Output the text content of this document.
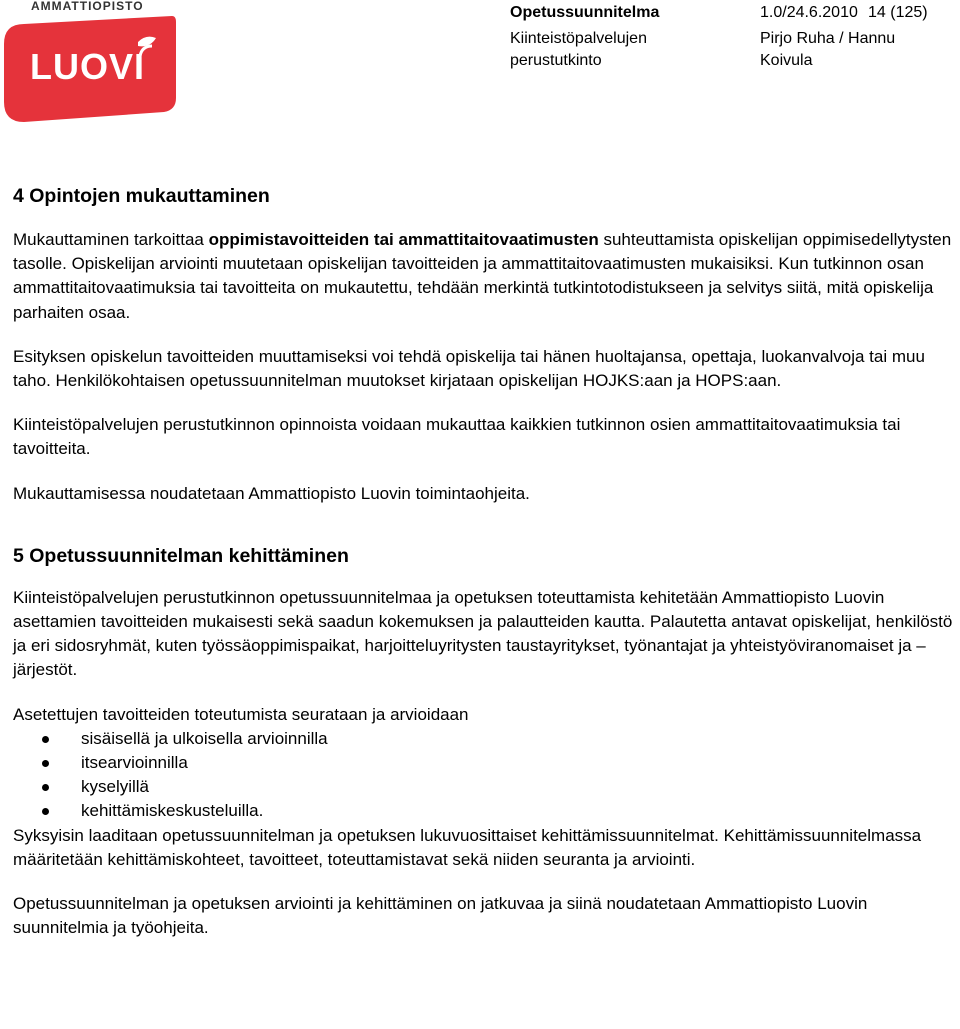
AMMATTIOPISTO
LUOVI
Opetussuunnitelma	1.0/24.6.2010 14 (125)
Kiinteistöpalvelujen
perustutkinto
Pirjo Ruha / Hannu
Koivula
4 Opintojen mukauttaminen

Mukauttaminen tarkoittaa oppimistavoitteiden tai ammattitaitovaatimusten suhteuttamista opiskelijan oppimisedellytysten tasolle. Opiskelijan arviointi muutetaan opiskelijan tavoitteiden ja ammattitaitovaatimusten mukaisiksi. Kun tutkinnon osan ammattitaitovaatimuksia tai tavoitteita on mukautettu, tehdään merkintä tutkintotodistukseen ja selvitys siitä, mitä opiskelija parhaiten osaa.

Esityksen opiskelun tavoitteiden muuttamiseksi voi tehdä opiskelija tai hänen huoltajansa, opettaja, luokanvalvoja tai muu taho. Henkilökohtaisen opetussuunnitelman muutokset kirjataan opiskelijan HOJKS:aan ja HOPS:aan.

Kiinteistöpalvelujen perustutkinnon opinnoista voidaan mukauttaa kaikkien tutkinnon osien ammattitaitovaatimuksia tai tavoitteita.

Mukauttamisessa noudatetaan Ammattiopisto Luovin toimintaohjeita.

5 Opetussuunnitelman kehittäminen

Kiinteistöpalvelujen perustutkinnon opetussuunnitelmaa ja opetuksen toteuttamista kehitetään Ammattiopisto Luovin asettamien tavoitteiden mukaisesti sekä saadun kokemuksen ja palautteiden kautta. Palautetta antavat opiskelijat, henkilöstö ja eri sidosryhmät, kuten työssäoppimispaikat, harjoitteluyritysten taustayritykset, työnantajat ja yhteistyöviranomaiset ja –järjestöt.

Asetettujen tavoitteiden toteutumista seurataan ja arvioidaan

sisäisellä ja ulkoisella arvioinnilla
itsearvioinnilla
kyselyillä
kehittämiskeskusteluilla.

Syksyisin laaditaan opetussuunnitelman ja opetuksen lukuvuosittaiset kehittämissuunnitelmat. Kehittämissuunnitelmassa määritetään kehittämiskohteet, tavoitteet, toteuttamistavat sekä niiden seuranta ja arviointi.

Opetussuunnitelman ja opetuksen arviointi ja kehittäminen on jatkuvaa ja siinä noudatetaan Ammattiopisto Luovin suunnitelmia ja työohjeita.
